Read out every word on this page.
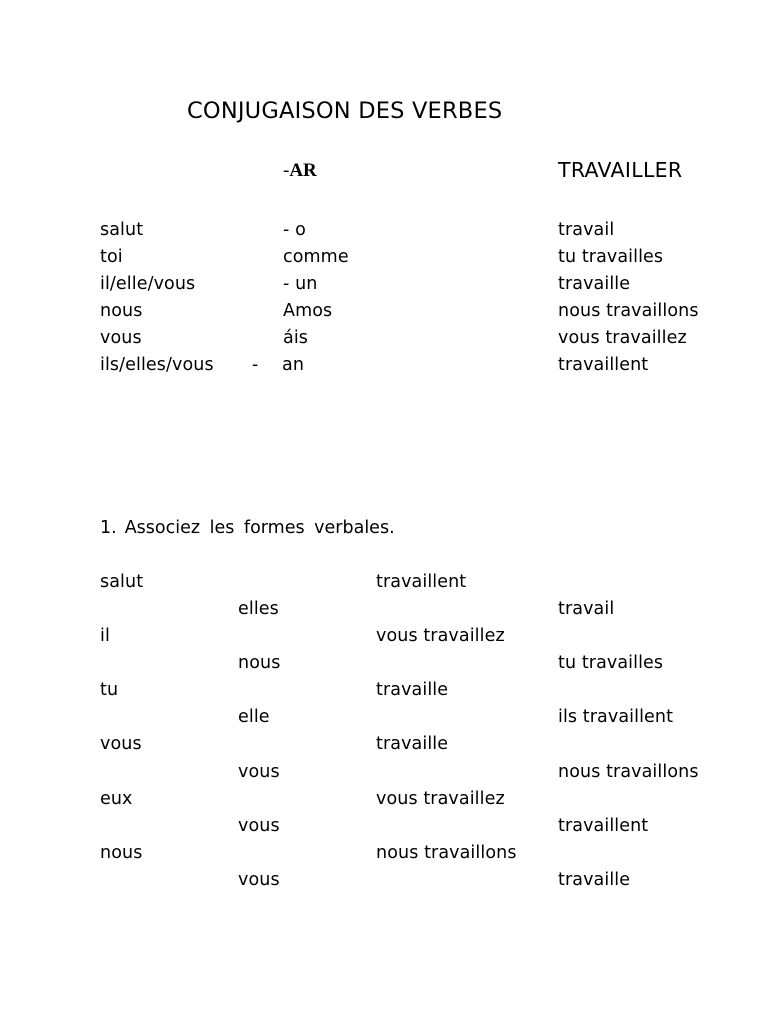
CONJUGAISON DES VERBES
-AR	TRAVAILLER
salut
toi
il/elle/vous
nous
vous
ils/elles/vous -
- o
comme
- un
Amos
áis
an
travail
tu travailles
travaille
nous travaillons
vous travaillez
travaillent
1. Associez les formes verbales.
salut
il
tu
vous
eux
nous
elles
nous
elle
vous
vous
vous
travaillent
vous travaillez
travaille
travaille
vous travaillez
nous travaillons
travail
tu travailles
ils travaillent
nous travaillons
travaillent
travaille
